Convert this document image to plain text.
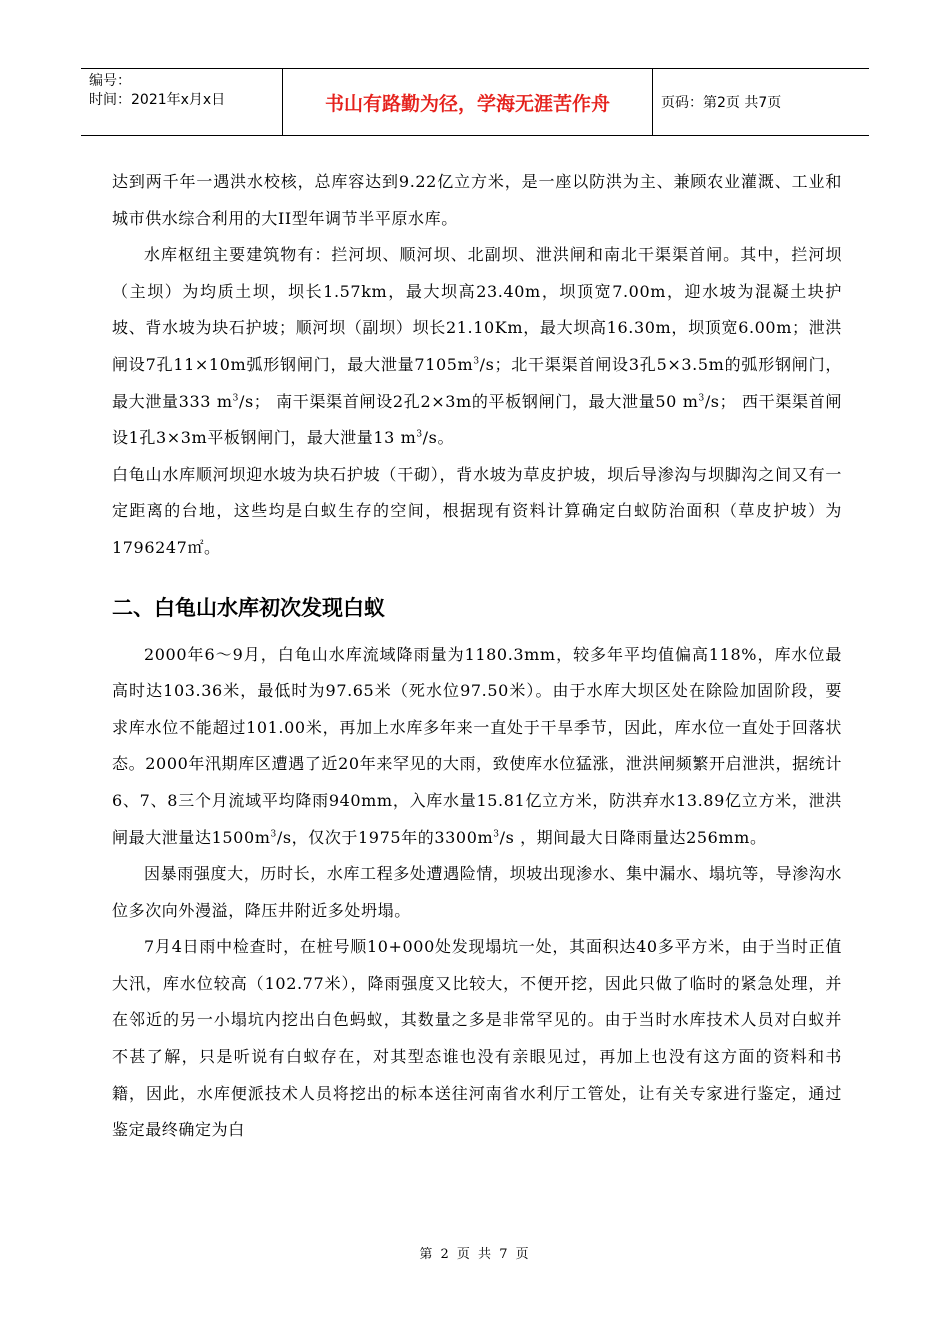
编号：
时间：2021年x月x日	书山有路勤为径，学海无涯苦作舟	页码：第2页 共7页

达到两千年一遇洪水校核，总库容达到9.22亿立方米，是一座以防洪为主、兼顾农业灌溉、工业和城市供水综合利用的大II型年调节半平原水库。

水库枢纽主要建筑物有：拦河坝、顺河坝、北副坝、泄洪闸和南北干渠渠首闸。其中，拦河坝（主坝）为均质土坝，坝长1.57km，最大坝高23.40m，坝顶宽7.00m，迎水坡为混凝土块护坡、背水坡为块石护坡；顺河坝（副坝）坝长21.10Km，最大坝高16.30m，坝顶宽6.00m；泄洪闸设7孔11×10m弧形钢闸门，最大泄量$7105m^3/s$；北干渠渠首闸设3孔5×3.5m的弧形钢闸门，最大泄量333 $m^3/s$； 南干渠渠首闸设2孔2×3m的平板钢闸门，最大泄量50 $m^3/s$； 西干渠渠首闸设1孔3×3m平板钢闸门，最大泄量13 $m^3/s$。

白龟山水库顺河坝迎水坡为块石护坡（干砌），背水坡为草皮护坡，坝后导渗沟与坝脚沟之间又有一定距离的台地，这些均是白蚁生存的空间，根据现有资料计算确定白蚁防治面积（草皮护坡）为1796247㎡。

二、白龟山水库初次发现白蚁

2000年6～9月，白龟山水库流域降雨量为1180.3mm，较多年平均值偏高118%，库水位最高时达103.36米，最低时为97.65米（死水位97.50米）。由于水库大坝区处在除险加固阶段，要求库水位不能超过101.00米，再加上水库多年来一直处于干旱季节，因此，库水位一直处于回落状态。2000年汛期库区遭遇了近20年来罕见的大雨，致使库水位猛涨，泄洪闸频繁开启泄洪，据统计6、7、8三个月流域平均降雨940mm，入库水量15.81亿立方米，防洪弃水13.89亿立方米，泄洪闸最大泄量达$1500m^3/s$，仅次于1975年的$3300m^3/s$ ，期间最大日降雨量达256mm。

因暴雨强度大，历时长，水库工程多处遭遇险情，坝坡出现渗水、集中漏水、塌坑等，导渗沟水位多次向外漫溢，降压井附近多处坍塌。

7月4日雨中检查时，在桩号顺10+000处发现塌坑一处，其面积达40多平方米，由于当时正值大汛，库水位较高（102.77米），降雨强度又比较大，不便开挖，因此只做了临时的紧急处理，并在邻近的另一小塌坑内挖出白色蚂蚁，其数量之多是非常罕见的。由于当时水库技术人员对白蚁并不甚了解，只是听说有白蚁存在，对其型态谁也没有亲眼见过，再加上也没有这方面的资料和书籍，因此，水库便派技术人员将挖出的标本送往河南省水利厅工管处，让有关专家进行鉴定，通过鉴定最终确定为白

第 2 页 共 7 页
